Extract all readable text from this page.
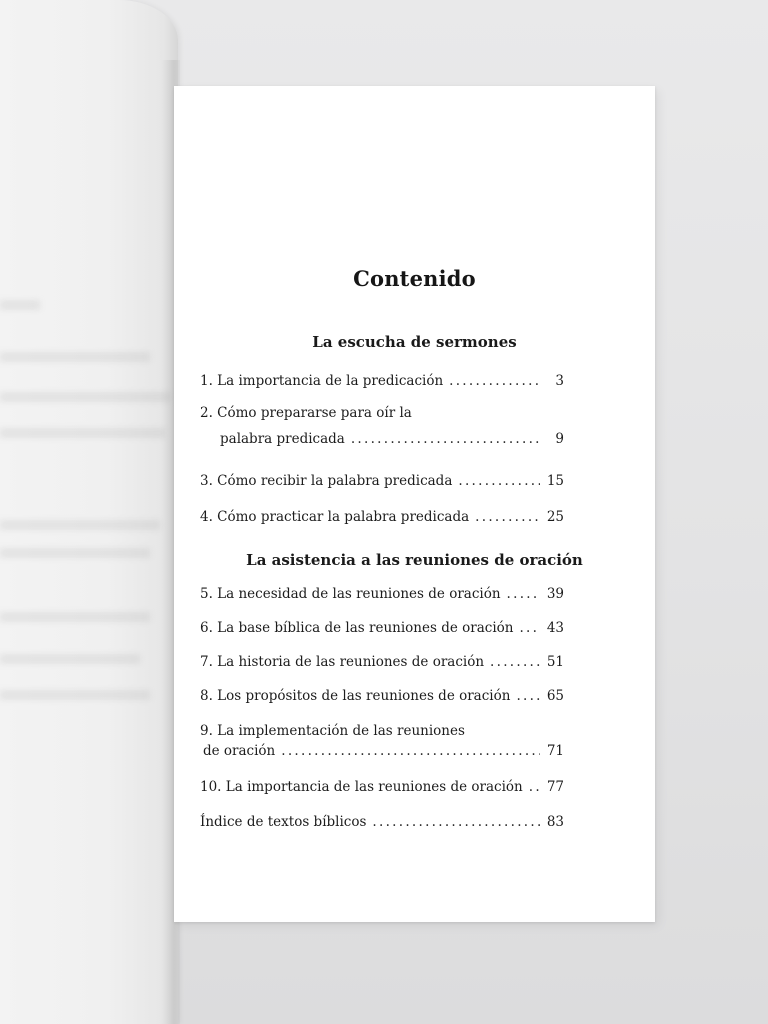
Contenido
La escucha de sermones
1. La importancia de la predicación . . .	3
2. Cómo prepararse para oír la
palabra predicada . . .	9
3. Cómo recibir la palabra predicada . . .	15
4. Cómo practicar la palabra predicada . . .	25
La asistencia a las reuniones de oración
5. La necesidad de las reuniones de oración . . .	39
6. La base bíblica de las reuniones de oración . . . 43
7. La historia de las reuniones de oración . . .	51
8. Los propósitos de las reuniones de oración . . .	65
9. La implementación de las reuniones
de oración . . .	71
10. La importancia de las reuniones de oración . . . 77
Índice de textos bíblicos . . .	83
